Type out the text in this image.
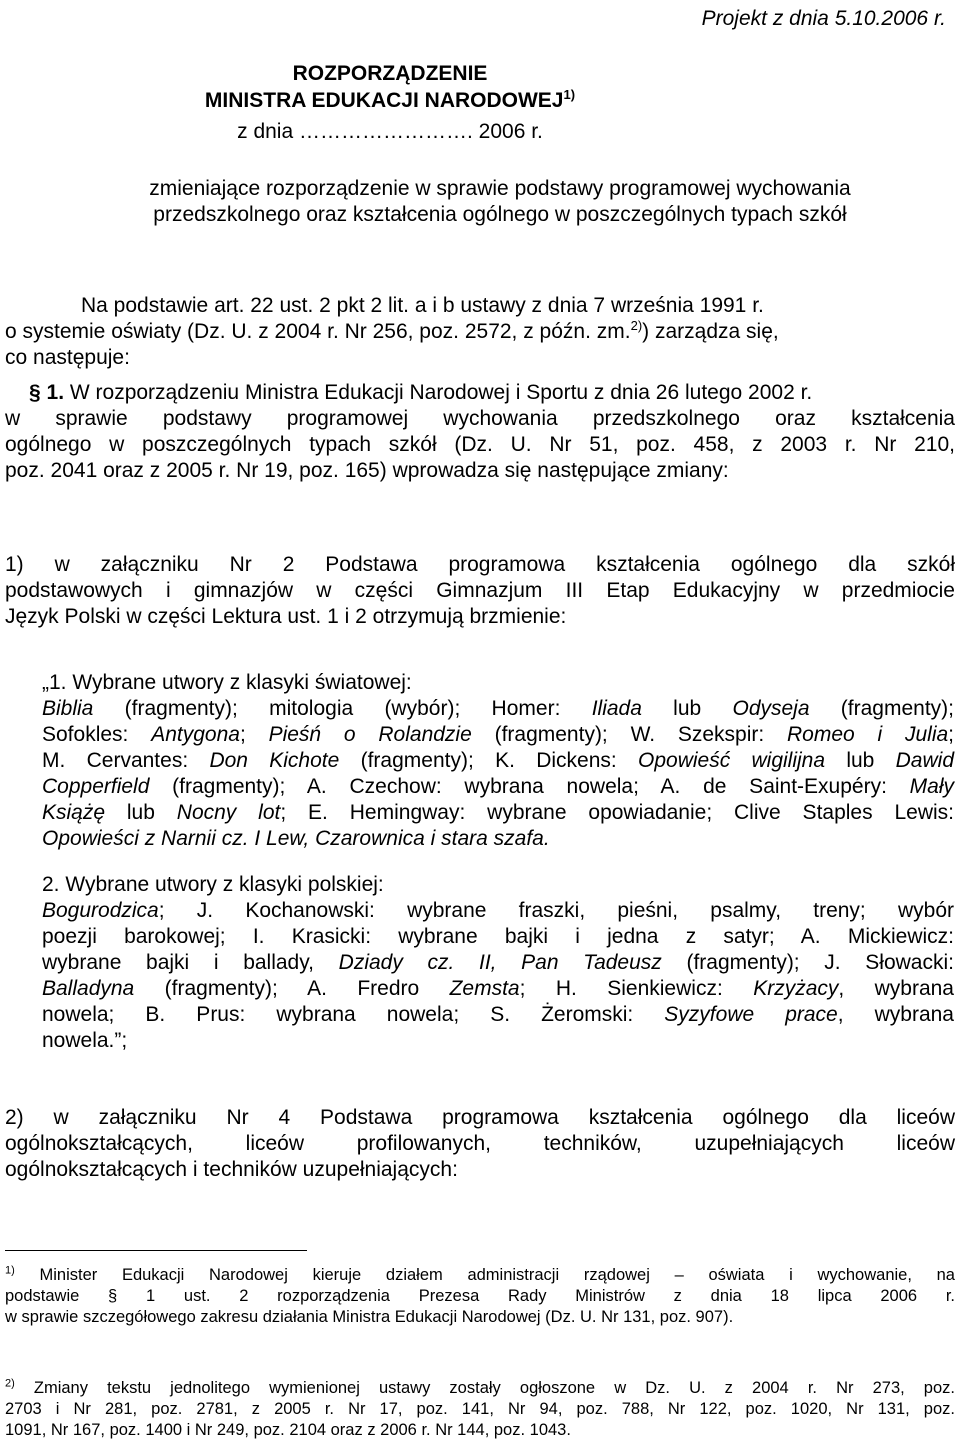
Projekt z dnia 5.10.2006 r.
ROZPORZĄDZENIE
MINISTRA EDUKACJI NARODOWEJ$^{1)}$
z dnia ……………………. 2006 r.
zmieniające rozporządzenie w sprawie podstawy programowej wychowania
przedszkolnego oraz kształcenia ogólnego w poszczególnych typach szkół
Na podstawie art. 22 ust. 2 pkt 2 lit. a i b ustawy z dnia 7 września 1991 r.
o systemie oświaty (Dz. U. z 2004 r. Nr 256, poz. 2572, z późn. zm.$^{2)}$) zarządza się,
co następuje:
§ 1. W rozporządzeniu Ministra Edukacji Narodowej i Sportu z dnia 26 lutego 2002 r.
w sprawie podstawy programowej wychowania przedszkolnego oraz kształcenia
ogólnego w poszczególnych typach szkół (Dz. U. Nr 51, poz. 458, z 2003 r. Nr 210,
poz. 2041 oraz z 2005 r. Nr 19, poz. 165) wprowadza się następujące zmiany:
1) w załączniku Nr 2 Podstawa programowa kształcenia ogólnego dla szkół
podstawowych i gimnazjów w części Gimnazjum III Etap Edukacyjny w przedmiocie
Język Polski w części Lektura ust. 1 i 2 otrzymują brzmienie:
„1. Wybrane utwory z klasyki światowej:
Biblia (fragmenty); mitologia (wybór); Homer: Iliada lub Odyseja (fragmenty);
Sofokles: Antygona; Pieśń o Rolandzie (fragmenty); W. Szekspir: Romeo i Julia;
M. Cervantes: Don Kichote (fragmenty); K. Dickens: Opowieść wigilijna lub Dawid
Copperfield (fragmenty); A. Czechow: wybrana nowela; A. de Saint-Exupéry: Mały
Książę lub Nocny lot; E. Hemingway: wybrane opowiadanie; Clive Staples Lewis:
Opowieści z Narnii cz. I Lew, Czarownica i stara szafa.
2. Wybrane utwory z klasyki polskiej:
Bogurodzica; J. Kochanowski: wybrane fraszki, pieśni, psalmy, treny; wybór
poezji barokowej; I. Krasicki: wybrane bajki i jedna z satyr; A. Mickiewicz:
wybrane bajki i ballady, Dziady cz. II, Pan Tadeusz (fragmenty); J. Słowacki:
Balladyna (fragmenty); A. Fredro Zemsta; H. Sienkiewicz: Krzyżacy, wybrana
nowela; B. Prus: wybrana nowela; S. Żeromski: Syzyfowe prace, wybrana
nowela.”;
2) w załączniku Nr 4 Podstawa programowa kształcenia ogólnego dla liceów
ogólnokształcących, liceów profilowanych, techników, uzupełniających liceów
ogólnokształcących i techników uzupełniających:
$^{1)}$ Minister Edukacji Narodowej kieruje działem administracji rządowej – oświata i wychowanie, na
podstawie § 1 ust. 2 rozporządzenia Prezesa Rady Ministrów z dnia 18 lipca 2006 r.
w sprawie szczegółowego zakresu działania Ministra Edukacji Narodowej (Dz. U. Nr 131, poz. 907).
$^{2)}$ Zmiany tekstu jednolitego wymienionej ustawy zostały ogłoszone w Dz. U. z 2004 r. Nr 273, poz.
2703 i Nr 281, poz. 2781, z 2005 r. Nr 17, poz. 141, Nr 94, poz. 788, Nr 122, poz. 1020, Nr 131, poz.
1091, Nr 167, poz. 1400 i Nr 249, poz. 2104 oraz z 2006 r. Nr 144, poz. 1043.
